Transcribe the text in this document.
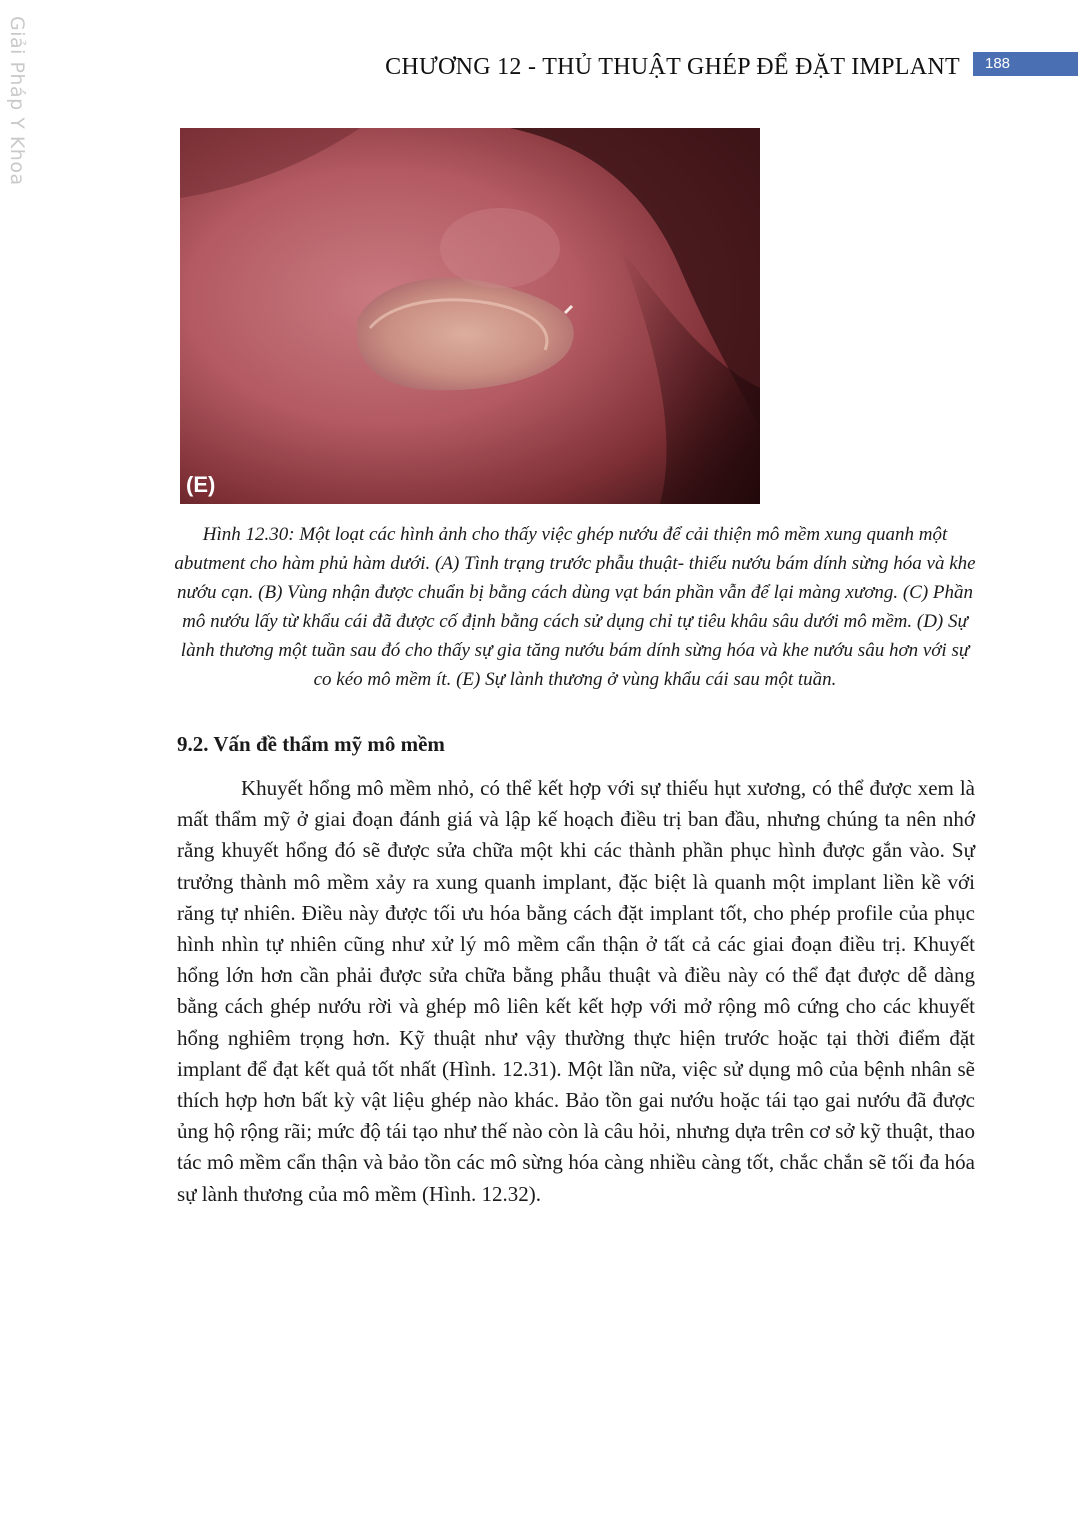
Giải Pháp Y Khoa	CHƯƠNG 12 - THỦ THUẬT GHÉP ĐỂ ĐẶT IMPLANT	188
(E)
Hình 12.30: Một loạt các hình ảnh cho thấy việc ghép nướu để cải thiện mô mềm xung quanh một abutment cho hàm phủ hàm dưới. (A) Tình trạng trước phẫu thuật- thiếu nướu bám dính sừng hóa và khe nướu cạn. (B) Vùng nhận được chuẩn bị bằng cách dùng vạt bán phần vẫn để lại màng xương. (C) Phần mô nướu lấy từ khẩu cái đã được cố định bằng cách sử dụng chỉ tự tiêu khâu sâu dưới mô mềm. (D) Sự lành thương một tuần sau đó cho thấy sự gia tăng nướu bám dính sừng hóa và khe nướu sâu hơn với sự co kéo mô mềm ít. (E) Sự lành thương ở vùng khẩu cái sau một tuần.
9.2. Vấn đề thẩm mỹ mô mềm

Khuyết hổng mô mềm nhỏ, có thể kết hợp với sự thiếu hụt xương, có thể được xem là mất thẩm mỹ ở giai đoạn đánh giá và lập kế hoạch điều trị ban đầu, nhưng chúng ta nên nhớ rằng khuyết hổng đó sẽ được sửa chữa một khi các thành phần phục hình được gắn vào. Sự trưởng thành mô mềm xảy ra xung quanh implant, đặc biệt là quanh một implant liền kề với răng tự nhiên. Điều này được tối ưu hóa bằng cách đặt implant tốt, cho phép profile của phục hình nhìn tự nhiên cũng như xử lý mô mềm cẩn thận ở tất cả các giai đoạn điều trị. Khuyết hổng lớn hơn cần phải được sửa chữa bằng phẫu thuật và điều này có thể đạt được dễ dàng bằng cách ghép nướu rời và ghép mô liên kết kết hợp với mở rộng mô cứng cho các khuyết hổng nghiêm trọng hơn. Kỹ thuật như vậy thường thực hiện trước hoặc tại thời điểm đặt implant để đạt kết quả tốt nhất (Hình. 12.31). Một lần nữa, việc sử dụng mô của bệnh nhân sẽ thích hợp hơn bất kỳ vật liệu ghép nào khác. Bảo tồn gai nướu hoặc tái tạo gai nướu đã được ủng hộ rộng rãi; mức độ tái tạo như thế nào còn là câu hỏi, nhưng dựa trên cơ sở kỹ thuật, thao tác mô mềm cẩn thận và bảo tồn các mô sừng hóa càng nhiều càng tốt, chắc chắn sẽ tối đa hóa sự lành thương của mô mềm (Hình. 12.32).
